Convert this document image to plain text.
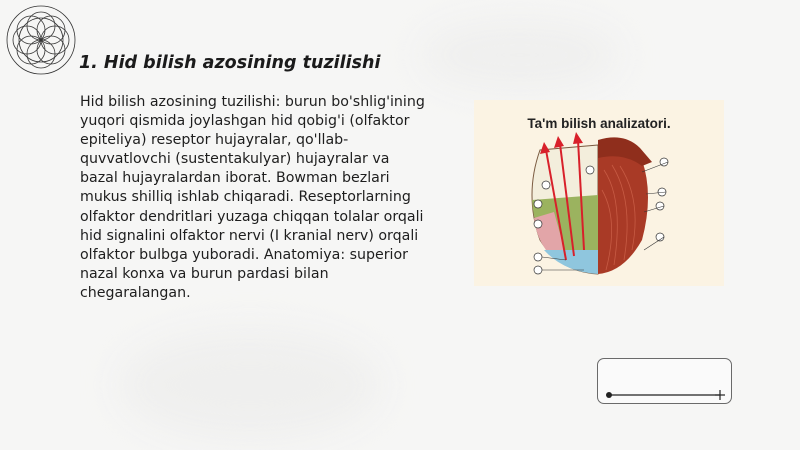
1. Hid bilish azosining tuzilishi

Hid bilish azosining tuzilishi: burun bo'shlig'ining yuqori qismida joylashgan hid qobig'i (olfaktor epiteliya) reseptor hujayralar, qo'llab-quvvatlovchi (sustentakulyar) hujayralar va bazal hujayralardan iborat. Bowman bezlari mukus shilliq ishlab chiqaradi. Reseptorlarning olfaktor dendritlari yuzaga chiqqan tolalar orqali hid signalini olfaktor nervi (I kranial nerv) orqali olfaktor bulbga yuboradi. Anatomiya: superior nazal konxa va burun pardasi bilan chegaralangan.

Ta'm bilish analizatori.
